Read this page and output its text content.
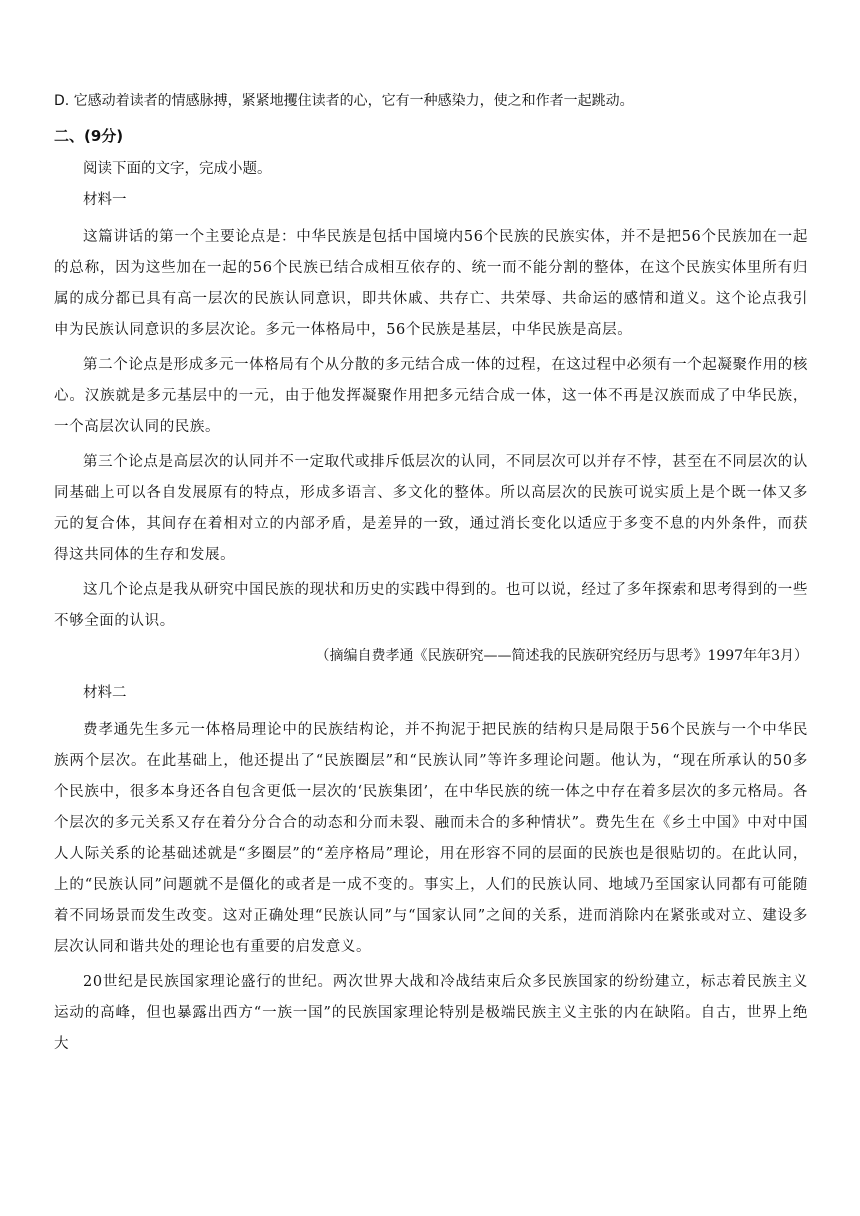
D. 它感动着读者的情感脉搏，紧紧地攫住读者的心，它有一种感染力，使之和作者一起跳动。

二、(9分)

阅读下面的文字，完成小题。

材料一

这篇讲话的第一个主要论点是：中华民族是包括中国境内56个民族的民族实体，并不是把56个民族加在一起的总称，因为这些加在一起的56个民族已结合成相互依存的、统一而不能分割的整体，在这个民族实体里所有归属的成分都已具有高一层次的民族认同意识，即共休戚、共存亡、共荣辱、共命运的感情和道义。这个论点我引申为民族认同意识的多层次论。多元一体格局中，56个民族是基层，中华民族是高层。

第二个论点是形成多元一体格局有个从分散的多元结合成一体的过程，在这过程中必须有一个起凝聚作用的核心。汉族就是多元基层中的一元，由于他发挥凝聚作用把多元结合成一体，这一体不再是汉族而成了中华民族，一个高层次认同的民族。

第三个论点是高层次的认同并不一定取代或排斥低层次的认同，不同层次可以并存不悖，甚至在不同层次的认同基础上可以各自发展原有的特点，形成多语言、多文化的整体。所以高层次的民族可说实质上是个既一体又多元的复合体，其间存在着相对立的内部矛盾，是差异的一致，通过消长变化以适应于多变不息的内外条件，而获得这共同体的生存和发展。

这几个论点是我从研究中国民族的现状和历史的实践中得到的。也可以说，经过了多年探索和思考得到的一些不够全面的认识。

（摘编自费孝通《民族研究——简述我的民族研究经历与思考》1997年年3月）

材料二

费孝通先生多元一体格局理论中的民族结构论，并不拘泥于把民族的结构只是局限于56个民族与一个中华民族两个层次。在此基础上，他还提出了“民族圈层”和“民族认同”等许多理论问题。他认为，“现在所承认的50多个民族中，很多本身还各自包含更低一层次的‘民族集团’，在中华民族的统一体之中存在着多层次的多元格局。各个层次的多元关系又存在着分分合合的动态和分而未裂、融而未合的多种情状”。费先生在《乡土中国》中对中国人人际关系的论基础述就是“多圈层”的“差序格局”理论，用在形容不同的层面的民族也是很贴切的。在此认同，上的“民族认同”问题就不是僵化的或者是一成不变的。事实上，人们的民族认同、地域乃至国家认同都有可能随着不同场景而发生改变。这对正确处理“民族认同”与“国家认同”之间的关系，进而消除内在紧张或对立、建设多层次认同和谐共处的理论也有重要的启发意义。

20世纪是民族国家理论盛行的世纪。两次世界大战和冷战结束后众多民族国家的纷纷建立，标志着民族主义运动的高峰，但也暴露出西方“一族一国”的民族国家理论特别是极端民族主义主张的内在缺陷。自古，世界上绝大
